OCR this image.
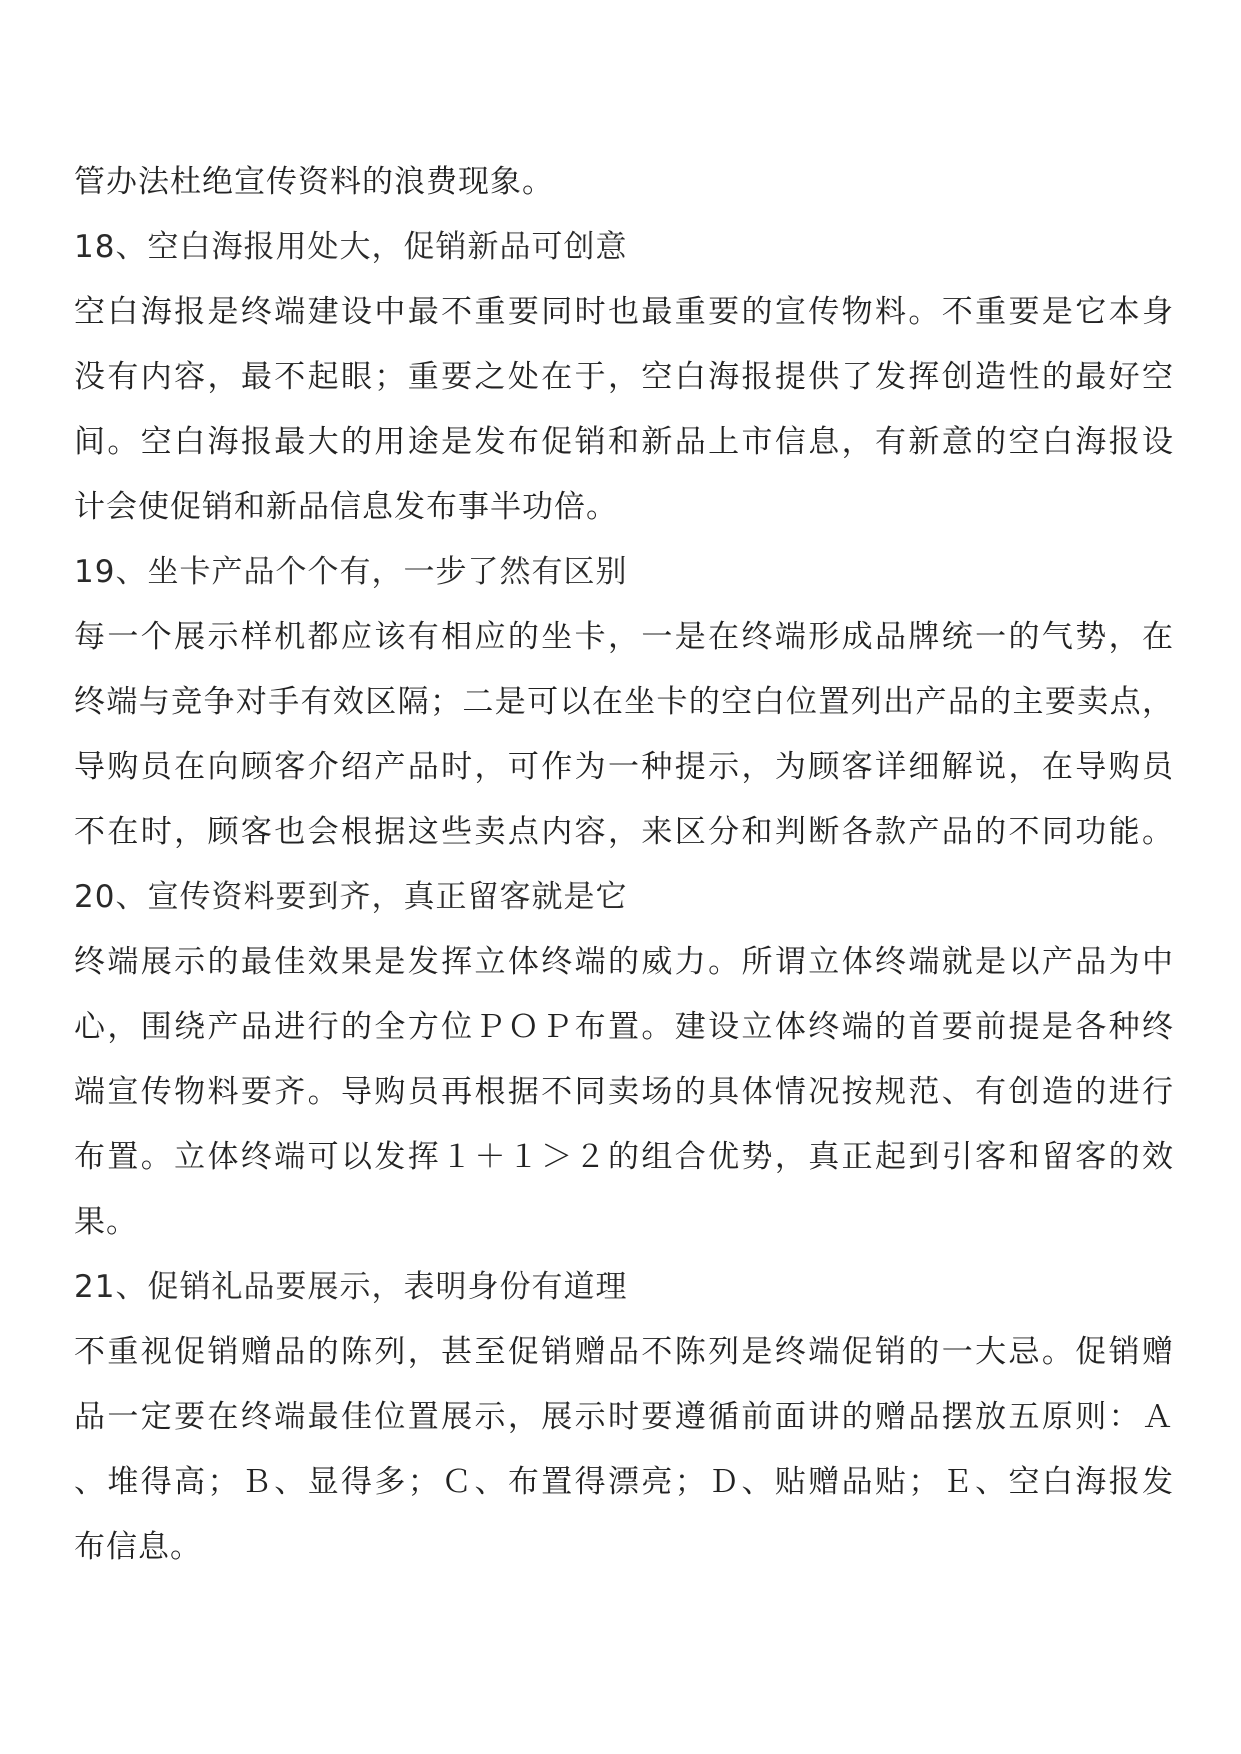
管办法杜绝宣传资料的浪费现象。
18、空白海报用处大，促销新品可创意
空白海报是终端建设中最不重要同时也最重要的宣传物料。不重要是它本身
没有内容，最不起眼；重要之处在于，空白海报提供了发挥创造性的最好空
间。空白海报最大的用途是发布促销和新品上市信息，有新意的空白海报设
计会使促销和新品信息发布事半功倍。
19、坐卡产品个个有，一步了然有区别
每一个展示样机都应该有相应的坐卡，一是在终端形成品牌统一的气势，在
终端与竞争对手有效区隔；二是可以在坐卡的空白位置列出产品的主要卖点，
导购员在向顾客介绍产品时，可作为一种提示，为顾客详细解说，在导购员
不在时，顾客也会根据这些卖点内容，来区分和判断各款产品的不同功能。
20、宣传资料要到齐，真正留客就是它
终端展示的最佳效果是发挥立体终端的威力。所谓立体终端就是以产品为中
心，围绕产品进行的全方位ＰＯＰ布置。建设立体终端的首要前提是各种终
端宣传物料要齐。导购员再根据不同卖场的具体情况按规范、有创造的进行
布置。立体终端可以发挥１＋１＞２的组合优势，真正起到引客和留客的效
果。
21、促销礼品要展示，表明身份有道理
不重视促销赠品的陈列，甚至促销赠品不陈列是终端促销的一大忌。促销赠
品一定要在终端最佳位置展示，展示时要遵循前面讲的赠品摆放五原则：Ａ
、堆得高；Ｂ、显得多；Ｃ、布置得漂亮；Ｄ、贴赠品贴；Ｅ、空白海报发
布信息。
